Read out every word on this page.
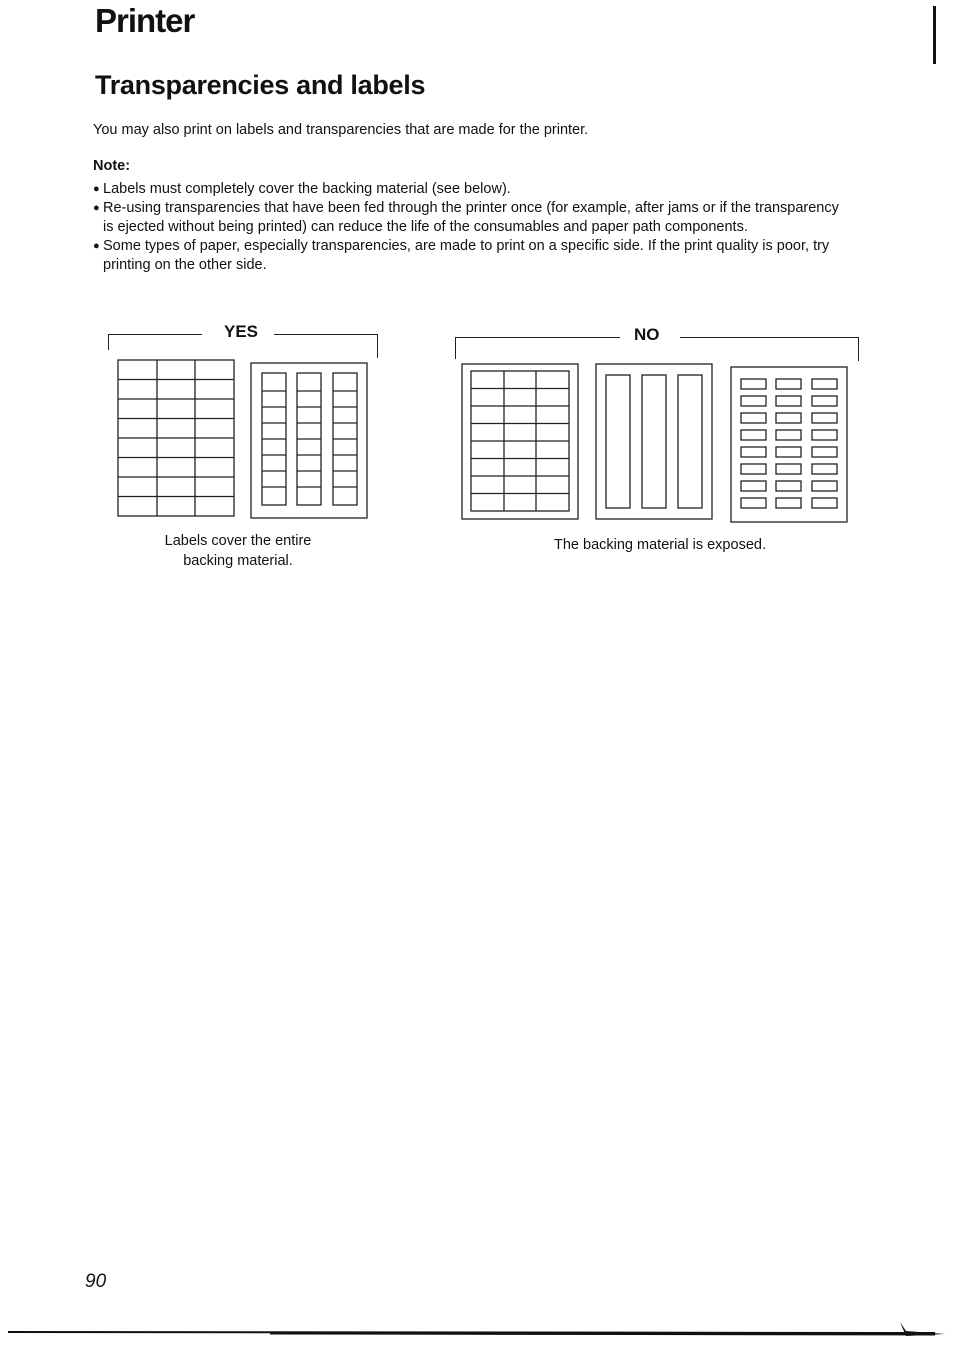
Printer
Transparencies and labels

You may also print on labels and transparencies that are made for the printer.

Note:

● Labels must completely cover the backing material (see below).
● Re-using transparencies that have been fed through the printer once (for example, after jams or if the transparency is ejected without being printed) can reduce the life of the consumables and paper path components.
● Some types of paper, especially transparencies, are made to print on a specific side. If the print quality is poor, try printing on the other side.
YES

Labels cover the entire

backing material.

NO

The backing material is exposed.

90
